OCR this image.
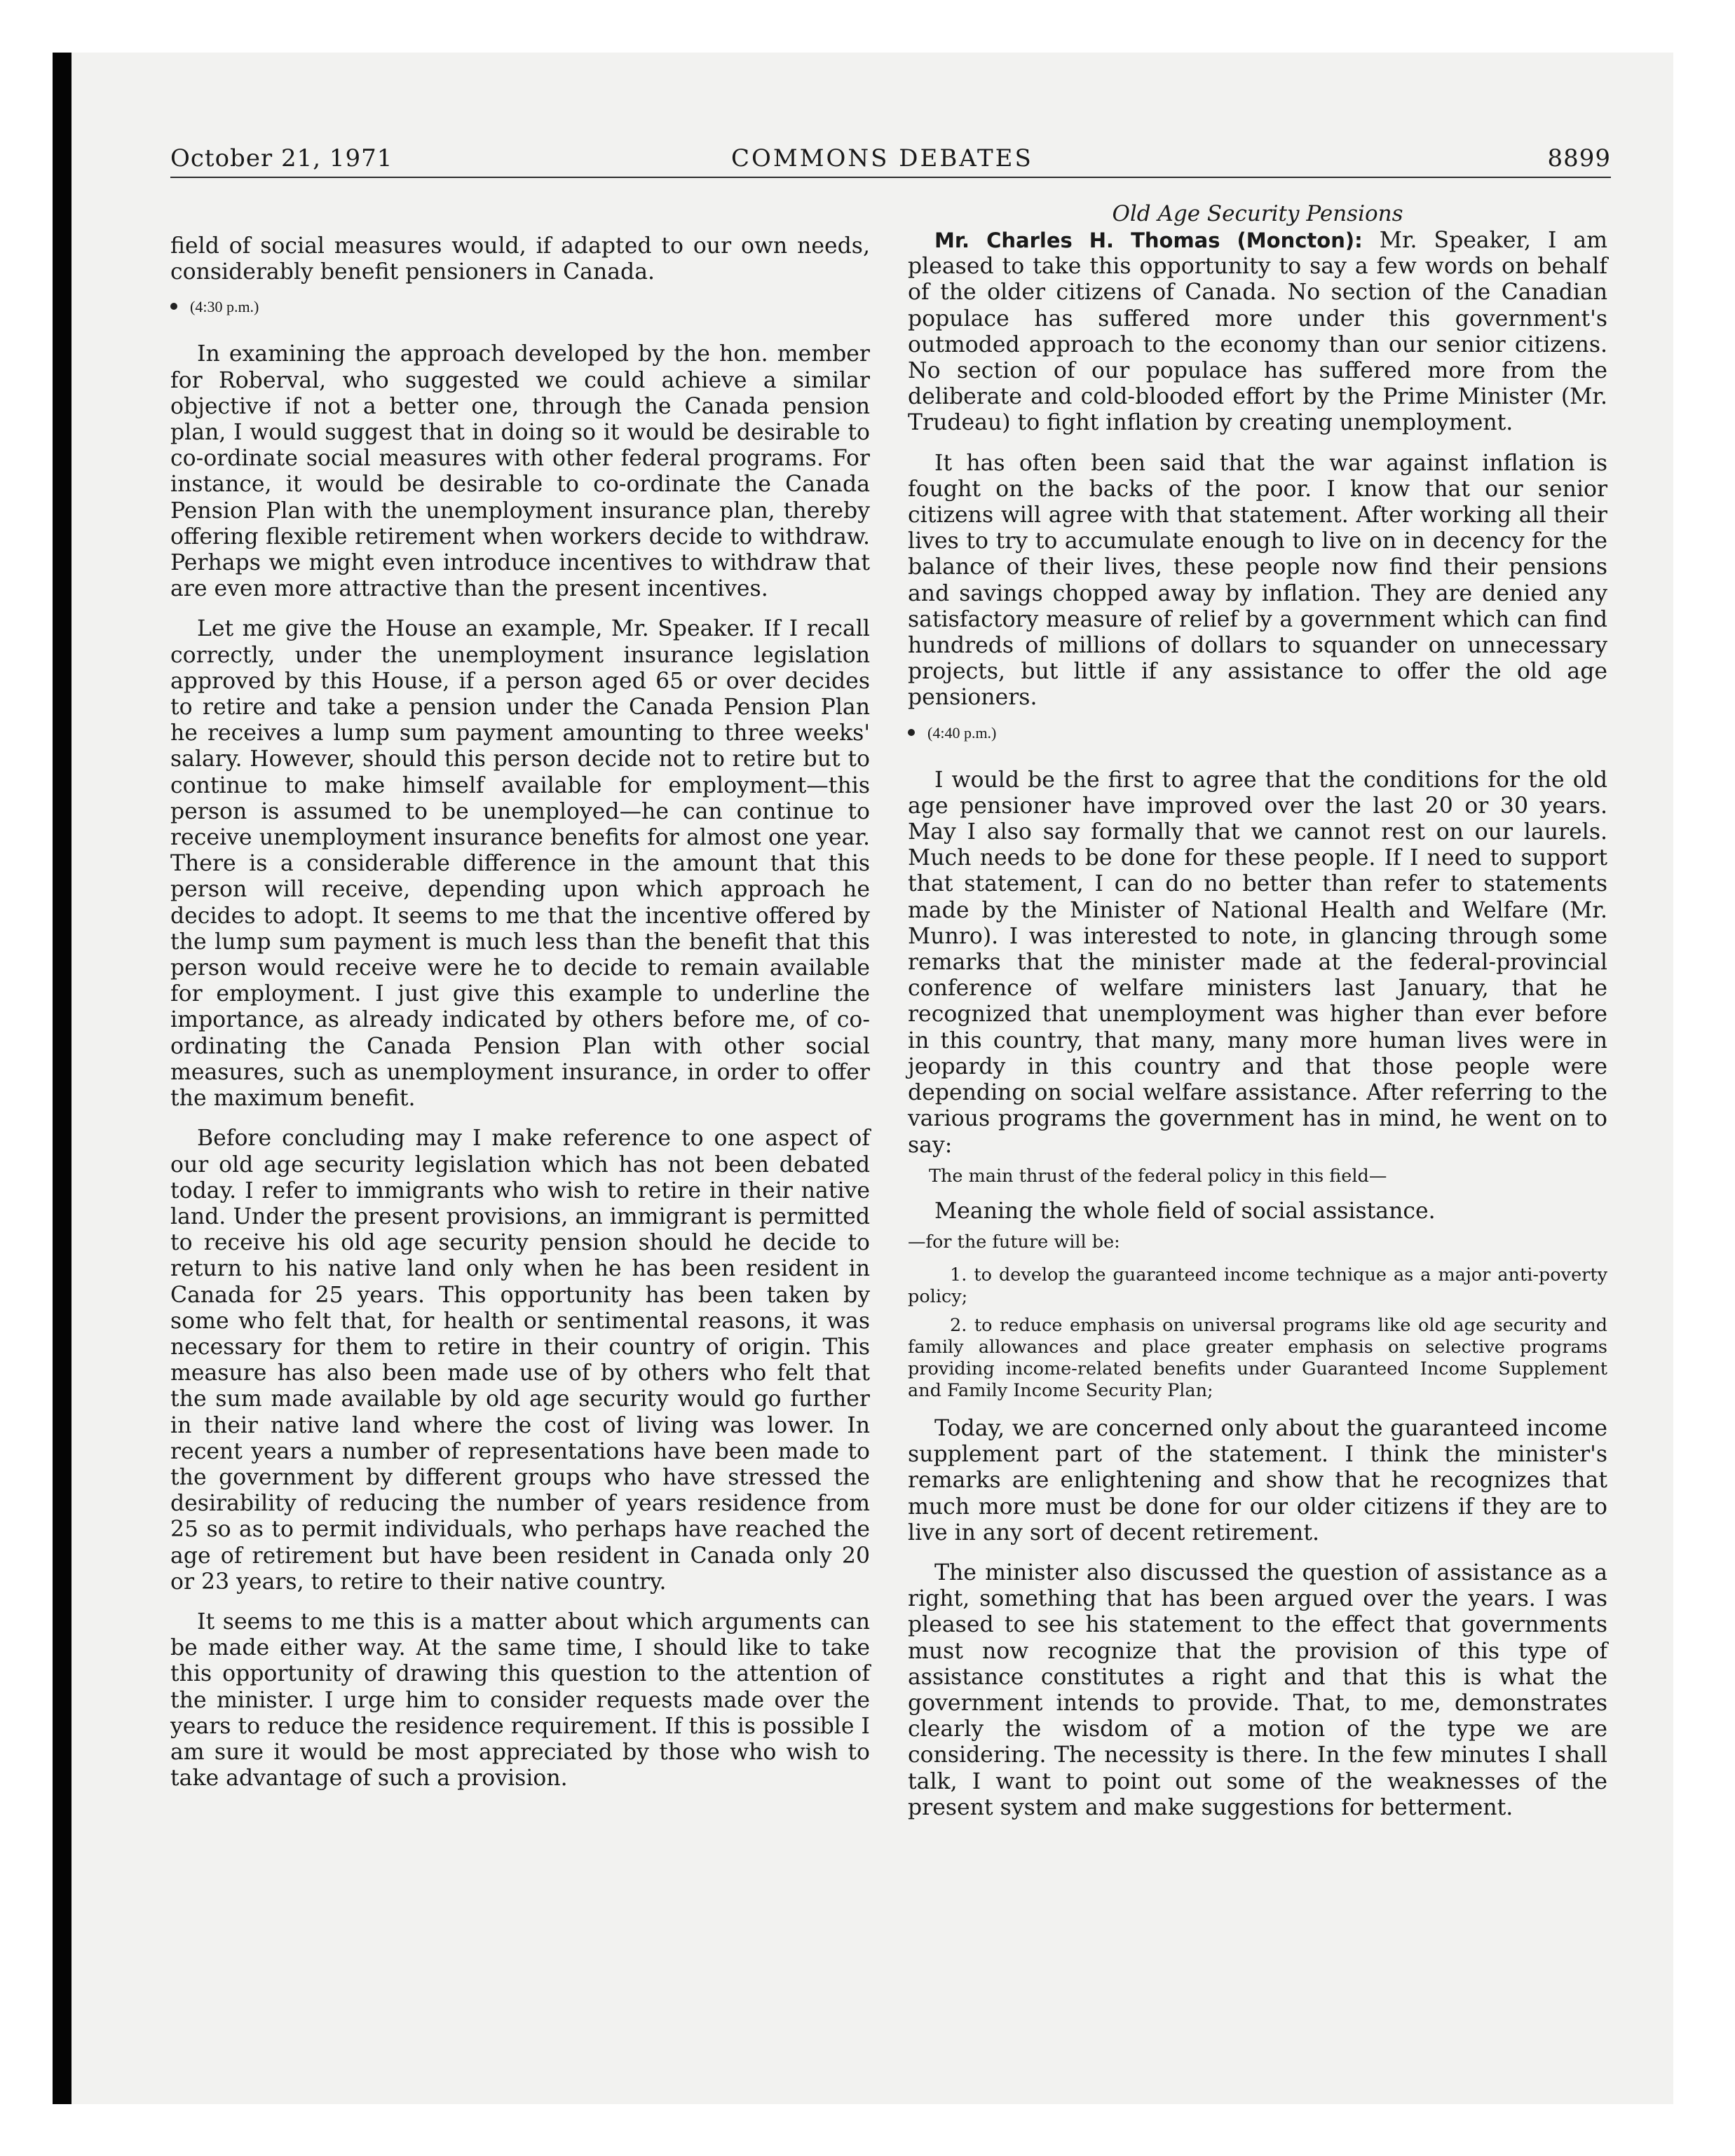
October 21, 1971	COMMONS DEBATES	8899

field of social measures would, if adapted to our own needs, considerably benefit pensioners in Canada.

(4:30 p.m.)

In examining the approach developed by the hon. member for Roberval, who suggested we could achieve a similar objective if not a better one, through the Canada pension plan, I would suggest that in doing so it would be desirable to co-ordinate social measures with other federal programs. For instance, it would be desirable to co-ordinate the Canada Pension Plan with the unemployment insurance plan, thereby offering flexible retirement when workers decide to withdraw. Perhaps we might even introduce incentives to withdraw that are even more attractive than the present incentives.

Let me give the House an example, Mr. Speaker. If I recall correctly, under the unemployment insurance legislation approved by this House, if a person aged 65 or over decides to retire and take a pension under the Canada Pension Plan he receives a lump sum payment amounting to three weeks' salary. However, should this person decide not to retire but to continue to make himself available for employment—this person is assumed to be unemployed—he can continue to receive unemployment insurance benefits for almost one year. There is a considerable difference in the amount that this person will receive, depending upon which approach he decides to adopt. It seems to me that the incentive offered by the lump sum payment is much less than the benefit that this person would receive were he to decide to remain available for employment. I just give this example to underline the importance, as already indicated by others before me, of co-ordinating the Canada Pension Plan with other social measures, such as unemployment insurance, in order to offer the maximum benefit.

Before concluding may I make reference to one aspect of our old age security legislation which has not been debated today. I refer to immigrants who wish to retire in their native land. Under the present provisions, an immigrant is permitted to receive his old age security pension should he decide to return to his native land only when he has been resident in Canada for 25 years. This opportunity has been taken by some who felt that, for health or sentimental reasons, it was necessary for them to retire in their country of origin. This measure has also been made use of by others who felt that the sum made available by old age security would go further in their native land where the cost of living was lower. In recent years a number of representations have been made to the government by different groups who have stressed the desirability of reducing the number of years residence from 25 so as to permit individuals, who perhaps have reached the age of retirement but have been resident in Canada only 20 or 23 years, to retire to their native country.

It seems to me this is a matter about which arguments can be made either way. At the same time, I should like to take this opportunity of drawing this question to the attention of the minister. I urge him to consider requests made over the years to reduce the residence requirement. If this is possible I am sure it would be most appreciated by those who wish to take advantage of such a provision.

Old Age Security Pensions

Mr. Charles H. Thomas (Moncton): Mr. Speaker, I am pleased to take this opportunity to say a few words on behalf of the older citizens of Canada. No section of the Canadian populace has suffered more under this government's outmoded approach to the economy than our senior citizens. No section of our populace has suffered more from the deliberate and cold-blooded effort by the Prime Minister (Mr. Trudeau) to fight inflation by creating unemployment.

It has often been said that the war against inflation is fought on the backs of the poor. I know that our senior citizens will agree with that statement. After working all their lives to try to accumulate enough to live on in decency for the balance of their lives, these people now find their pensions and savings chopped away by inflation. They are denied any satisfactory measure of relief by a government which can find hundreds of millions of dollars to squander on unnecessary projects, but little if any assistance to offer the old age pensioners.

(4:40 p.m.)

I would be the first to agree that the conditions for the old age pensioner have improved over the last 20 or 30 years. May I also say formally that we cannot rest on our laurels. Much needs to be done for these people. If I need to support that statement, I can do no better than refer to statements made by the Minister of National Health and Welfare (Mr. Munro). I was interested to note, in glancing through some remarks that the minister made at the federal-provincial conference of welfare ministers last January, that he recognized that unemployment was higher than ever before in this country, that many, many more human lives were in jeopardy in this country and that those people were depending on social welfare assistance. After referring to the various programs the government has in mind, he went on to say:

The main thrust of the federal policy in this field—

Meaning the whole field of social assistance.

—for the future will be:
1. to develop the guaranteed income technique as a major anti-poverty policy;
2. to reduce emphasis on universal programs like old age security and family allowances and place greater emphasis on selective programs providing income-related benefits under Guaranteed Income Supplement and Family Income Security Plan;

Today, we are concerned only about the guaranteed income supplement part of the statement. I think the minister's remarks are enlightening and show that he recognizes that much more must be done for our older citizens if they are to live in any sort of decent retirement.

The minister also discussed the question of assistance as a right, something that has been argued over the years. I was pleased to see his statement to the effect that governments must now recognize that the provision of this type of assistance constitutes a right and that this is what the government intends to provide. That, to me, demonstrates clearly the wisdom of a motion of the type we are considering. The necessity is there. In the few minutes I shall talk, I want to point out some of the weaknesses of the present system and make suggestions for betterment.
